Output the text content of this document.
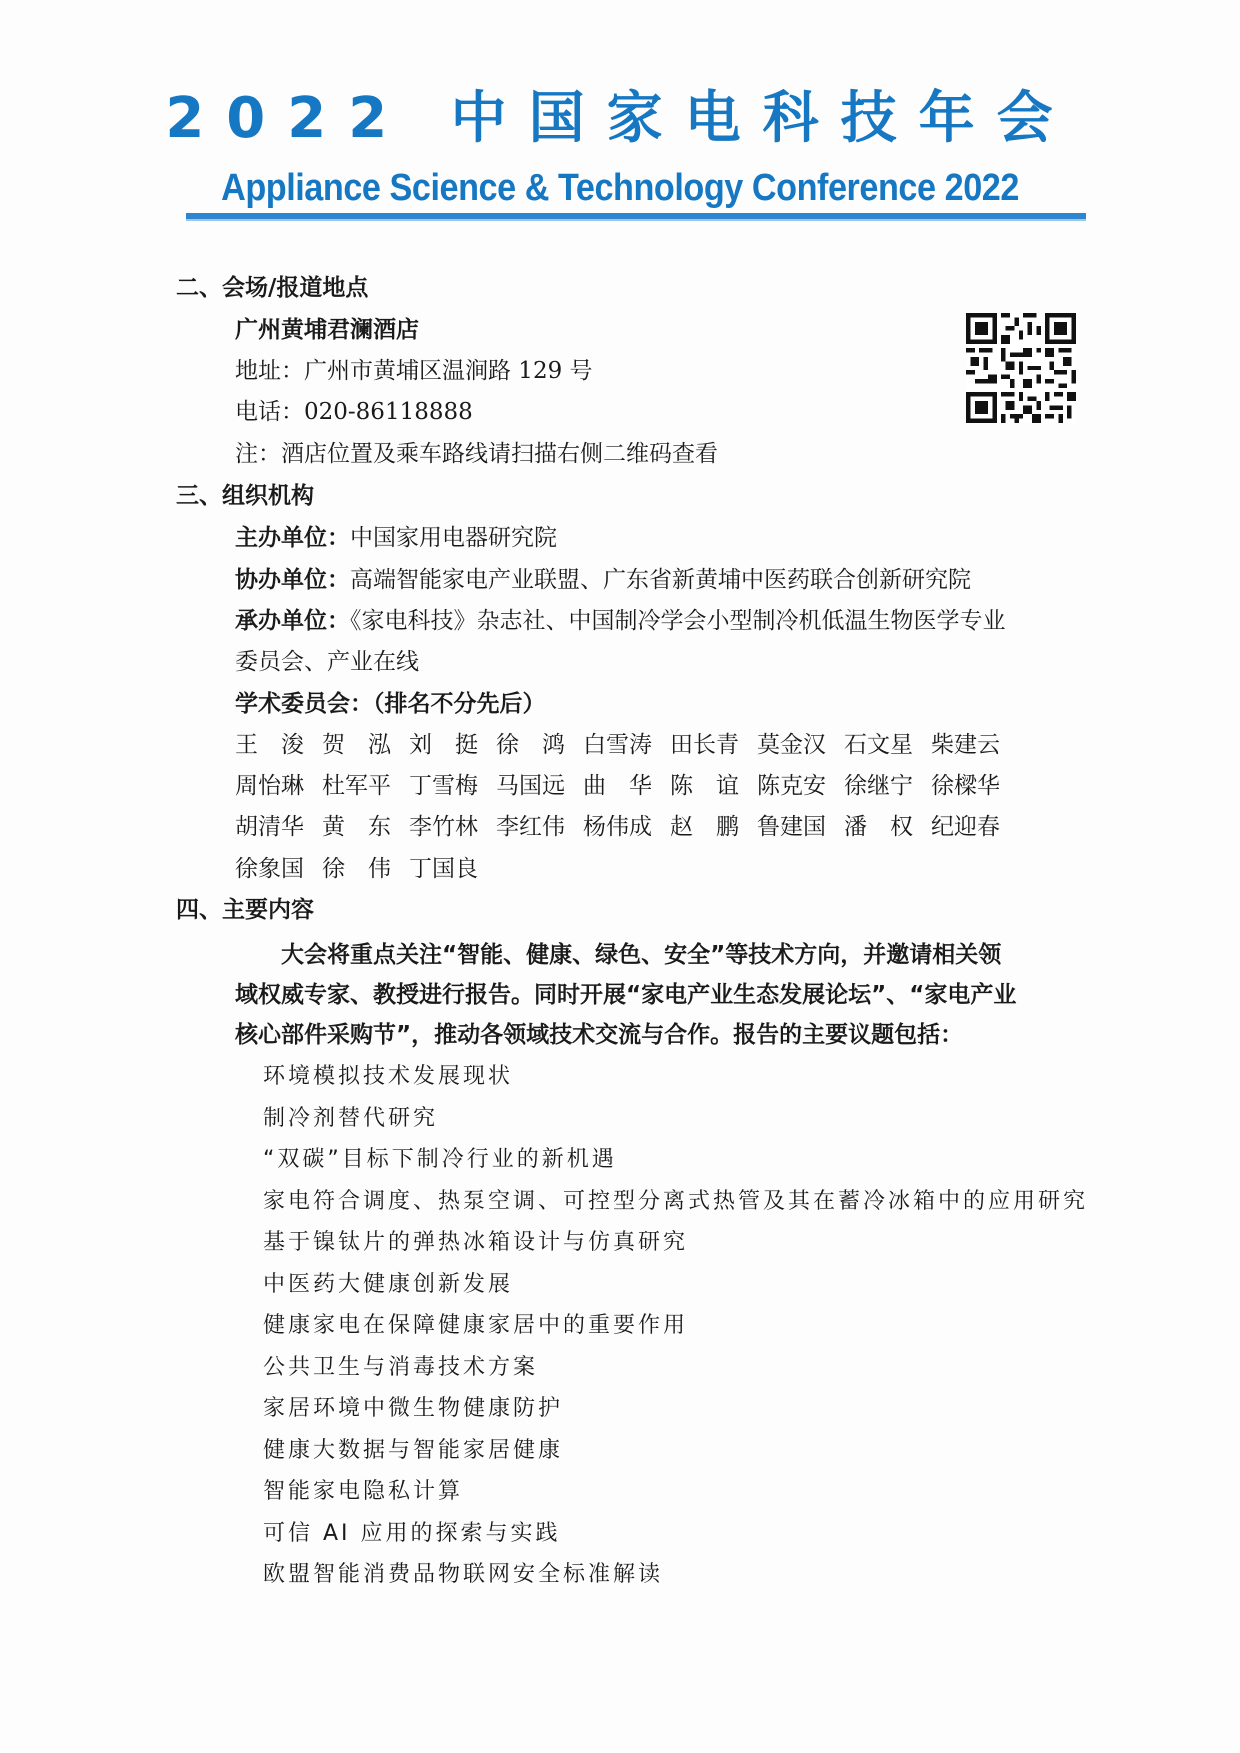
2022 中国家电科技年会
Appliance Science & Technology Conference 2022
二、会场/报道地点
广州黄埔君澜酒店
地址：广州市黄埔区温涧路 129 号
电话：020-86118888
注：酒店位置及乘车路线请扫描右侧二维码查看
三、组织机构
主办单位：中国家用电器研究院
协办单位：高端智能家电产业联盟、广东省新黄埔中医药联合创新研究院
承办单位：《家电科技》杂志社、中国制冷学会小型制冷机低温生物医学专业
委员会、产业在线
学术委员会：（排名不分先后）
王　浚 贺　泓 刘　挺 徐　鸿 白雪涛 田长青 莫金汉 石文星 柴建云
周怡琳 杜军平 丁雪梅 马国远 曲　华 陈　谊 陈克安 徐继宁 徐樑华
胡清华 黄　东 李竹林 李红伟 杨伟成 赵　鹏 鲁建国 潘　权 纪迎春
徐象国 徐　伟 丁国良
四、主要内容
大会将重点关注“智能、健康、绿色、安全”等技术方向，并邀请相关领
域权威专家、教授进行报告。同时开展“家电产业生态发展论坛”、“家电产业
核心部件采购节”，推动各领域技术交流与合作。报告的主要议题包括：
环境模拟技术发展现状
制冷剂替代研究
“双碳”目标下制冷行业的新机遇
家电符合调度、热泵空调、可控型分离式热管及其在蓄冷冰箱中的应用研究
基于镍钛片的弹热冰箱设计与仿真研究
中医药大健康创新发展
健康家电在保障健康家居中的重要作用
公共卫生与消毒技术方案
家居环境中微生物健康防护
健康大数据与智能家居健康
智能家电隐私计算
可信 AI 应用的探索与实践
欧盟智能消费品物联网安全标准解读
